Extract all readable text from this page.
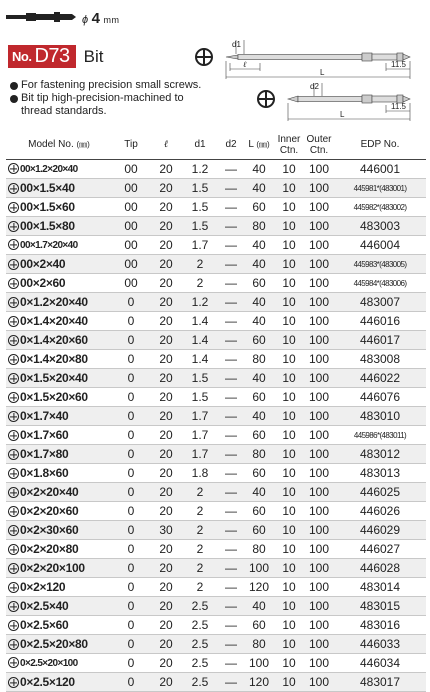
ϕ 4 mm
No. D73 Bit
For fastening precision small screws.
Bit tip high-precision-machined to thread standards.
d1
ℓ
L
11.5
d2
L
11.5
Model No. (㎜)	Tip	ℓ	d1	d2	L (㎜)	Inner Ctn.	Outer Ctn.	EDP No.
00×1.2×20×40	00	20	1.2	—	40	10	100	446001
00×1.5×40	00	20	1.5	—	40	10	100	445981*(483001)
00×1.5×60	00	20	1.5	—	60	10	100	445982*(483002)
00×1.5×80	00	20	1.5	—	80	10	100	483003
00×1.7×20×40	00	20	1.7	—	40	10	100	446004
00×2×40	00	20	2	—	40	10	100	445983*(483005)
00×2×60	00	20	2	—	60	10	100	445984*(483006)
0×1.2×20×40	0	20	1.2	—	40	10	100	483007
0×1.4×20×40	0	20	1.4	—	40	10	100	446016
0×1.4×20×60	0	20	1.4	—	60	10	100	446017
0×1.4×20×80	0	20	1.4	—	80	10	100	483008
0×1.5×20×40	0	20	1.5	—	40	10	100	446022
0×1.5×20×60	0	20	1.5	—	60	10	100	446076
0×1.7×40	0	20	1.7	—	40	10	100	483010
0×1.7×60	0	20	1.7	—	60	10	100	445986*(483011)
0×1.7×80	0	20	1.7	—	80	10	100	483012
0×1.8×60	0	20	1.8	—	60	10	100	483013
0×2×20×40	0	20	2	—	40	10	100	446025
0×2×20×60	0	20	2	—	60	10	100	446026
0×2×30×60	0	30	2	—	60	10	100	446029
0×2×20×80	0	20	2	—	80	10	100	446027
0×2×20×100	0	20	2	—	100	10	100	446028
0×2×120	0	20	2	—	120	10	100	483014
0×2.5×40	0	20	2.5	—	40	10	100	483015
0×2.5×60	0	20	2.5	—	60	10	100	483016
0×2.5×20×80	0	20	2.5	—	80	10	100	446033
0×2.5×20×100	0	20	2.5	—	100	10	100	446034
0×2.5×120	0	20	2.5	—	120	10	100	483017
